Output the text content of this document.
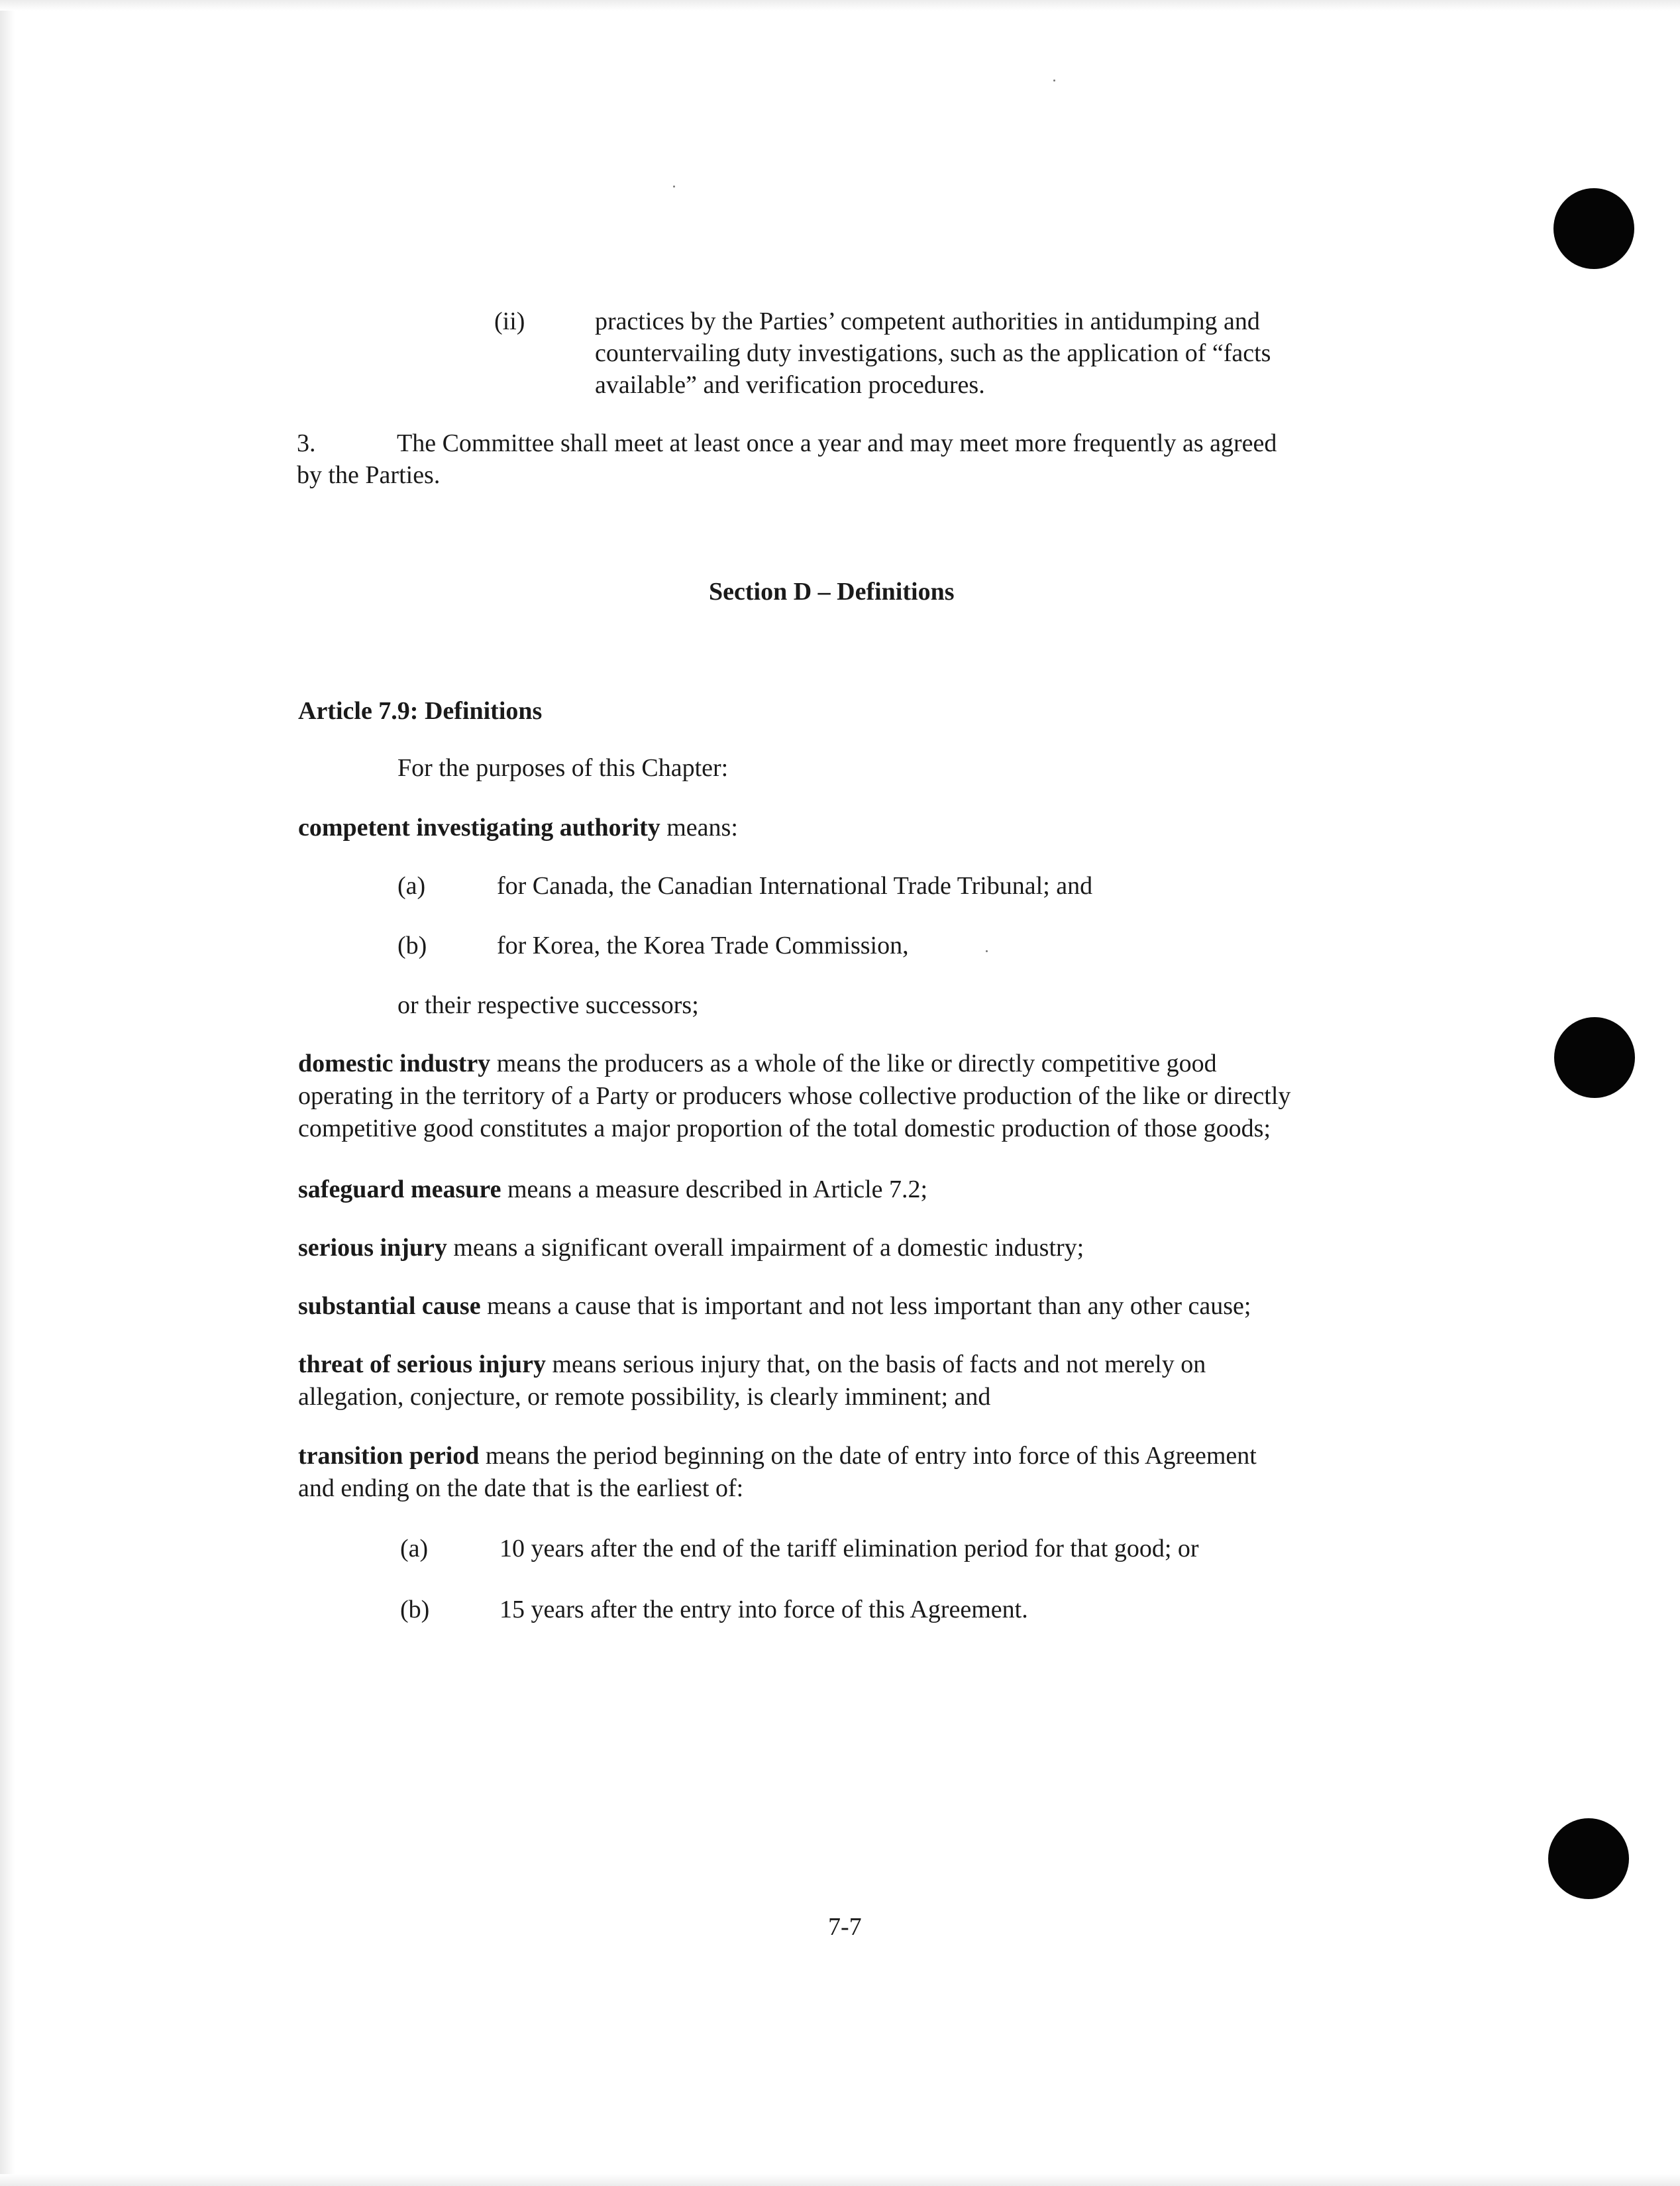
(ii)	practices by the Parties’ competent authorities in antidumping and

countervailing duty investigations, such as the application of “facts

available” and verification procedures.

3.	The Committee shall meet at least once a year and may meet more frequently as agreed

by the Parties.

Section D – Definitions

Article 7.9: Definitions

For the purposes of this Chapter:

competent investigating authority means:

(a)	for Canada, the Canadian International Trade Tribunal; and

(b)	for Korea, the Korea Trade Commission,

or their respective successors;

domestic industry means the producers as a whole of the like or directly competitive good

operating in the territory of a Party or producers whose collective production of the like or directly

competitive good constitutes a major proportion of the total domestic production of those goods;

safeguard measure means a measure described in Article 7.2;

serious injury means a significant overall impairment of a domestic industry;

substantial cause means a cause that is important and not less important than any other cause;

threat of serious injury means serious injury that, on the basis of facts and not merely on

allegation, conjecture, or remote possibility, is clearly imminent; and

transition period means the period beginning on the date of entry into force of this Agreement

and ending on the date that is the earliest of:

(a)	10 years after the end of the tariff elimination period for that good; or

(b)	15 years after the entry into force of this Agreement.

7-7
